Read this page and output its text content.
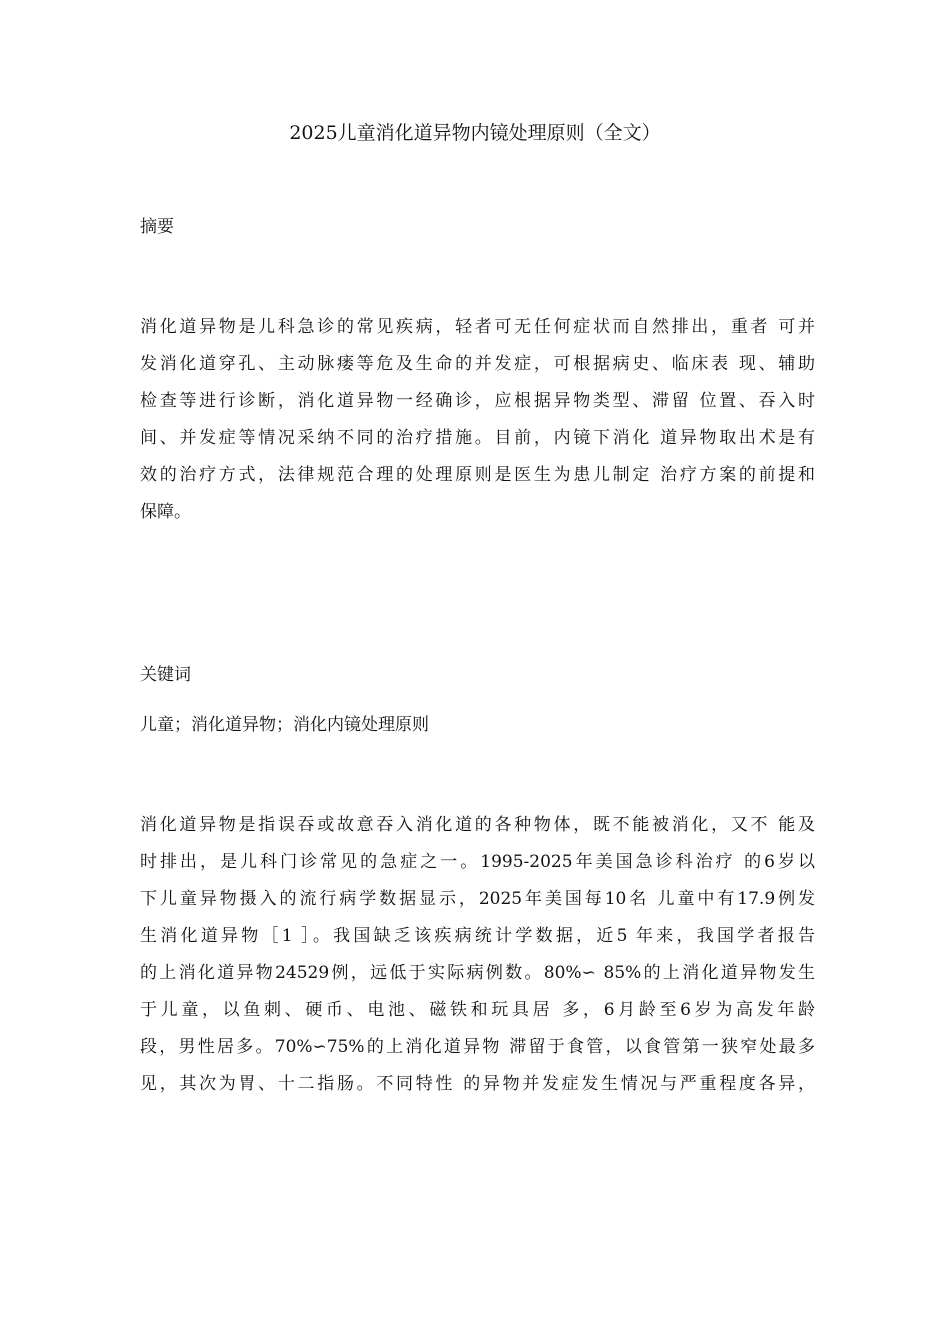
2025儿童消化道异物内镜处理原则（全文）
摘要
消化道异物是儿科急诊的常见疾病，轻者可无任何症状而自然排出，重者 可并
发消化道穿孔、主动脉瘘等危及生命的并发症，可根据病史、临床表 现、辅助
检查等进行诊断，消化道异物一经确诊，应根据异物类型、滞留 位置、吞入时
间、并发症等情况采纳不同的治疗措施。目前，内镜下消化 道异物取出术是有
效的治疗方式，法律规范合理的处理原则是医生为患儿制定 治疗方案的前提和
保障。
关键词
儿童；消化道异物；消化内镜处理原则
消化道异物是指误吞或故意吞入消化道的各种物体，既不能被消化，又不 能及
时排出，是儿科门诊常见的急症之一。1995-2025年美国急诊科治疗 的6岁以
下儿童异物摄入的流行病学数据显示，2025年美国每10名 儿童中有17.9例发
生消化道异物［1 ］。我国缺乏该疾病统计学数据，近5 年来，我国学者报告
的上消化道异物24529例，远低于实际病例数。80%∽ 85%的上消化道异物发生
于儿童，以鱼刺、硬币、电池、磁铁和玩具居 多，6月龄至6岁为高发年龄
段，男性居多。70%∽75%的上消化道异物 滞留于食管，以食管第一狭窄处最多
见，其次为胃、十二指肠。不同特性 的异物并发症发生情况与严重程度各异，
